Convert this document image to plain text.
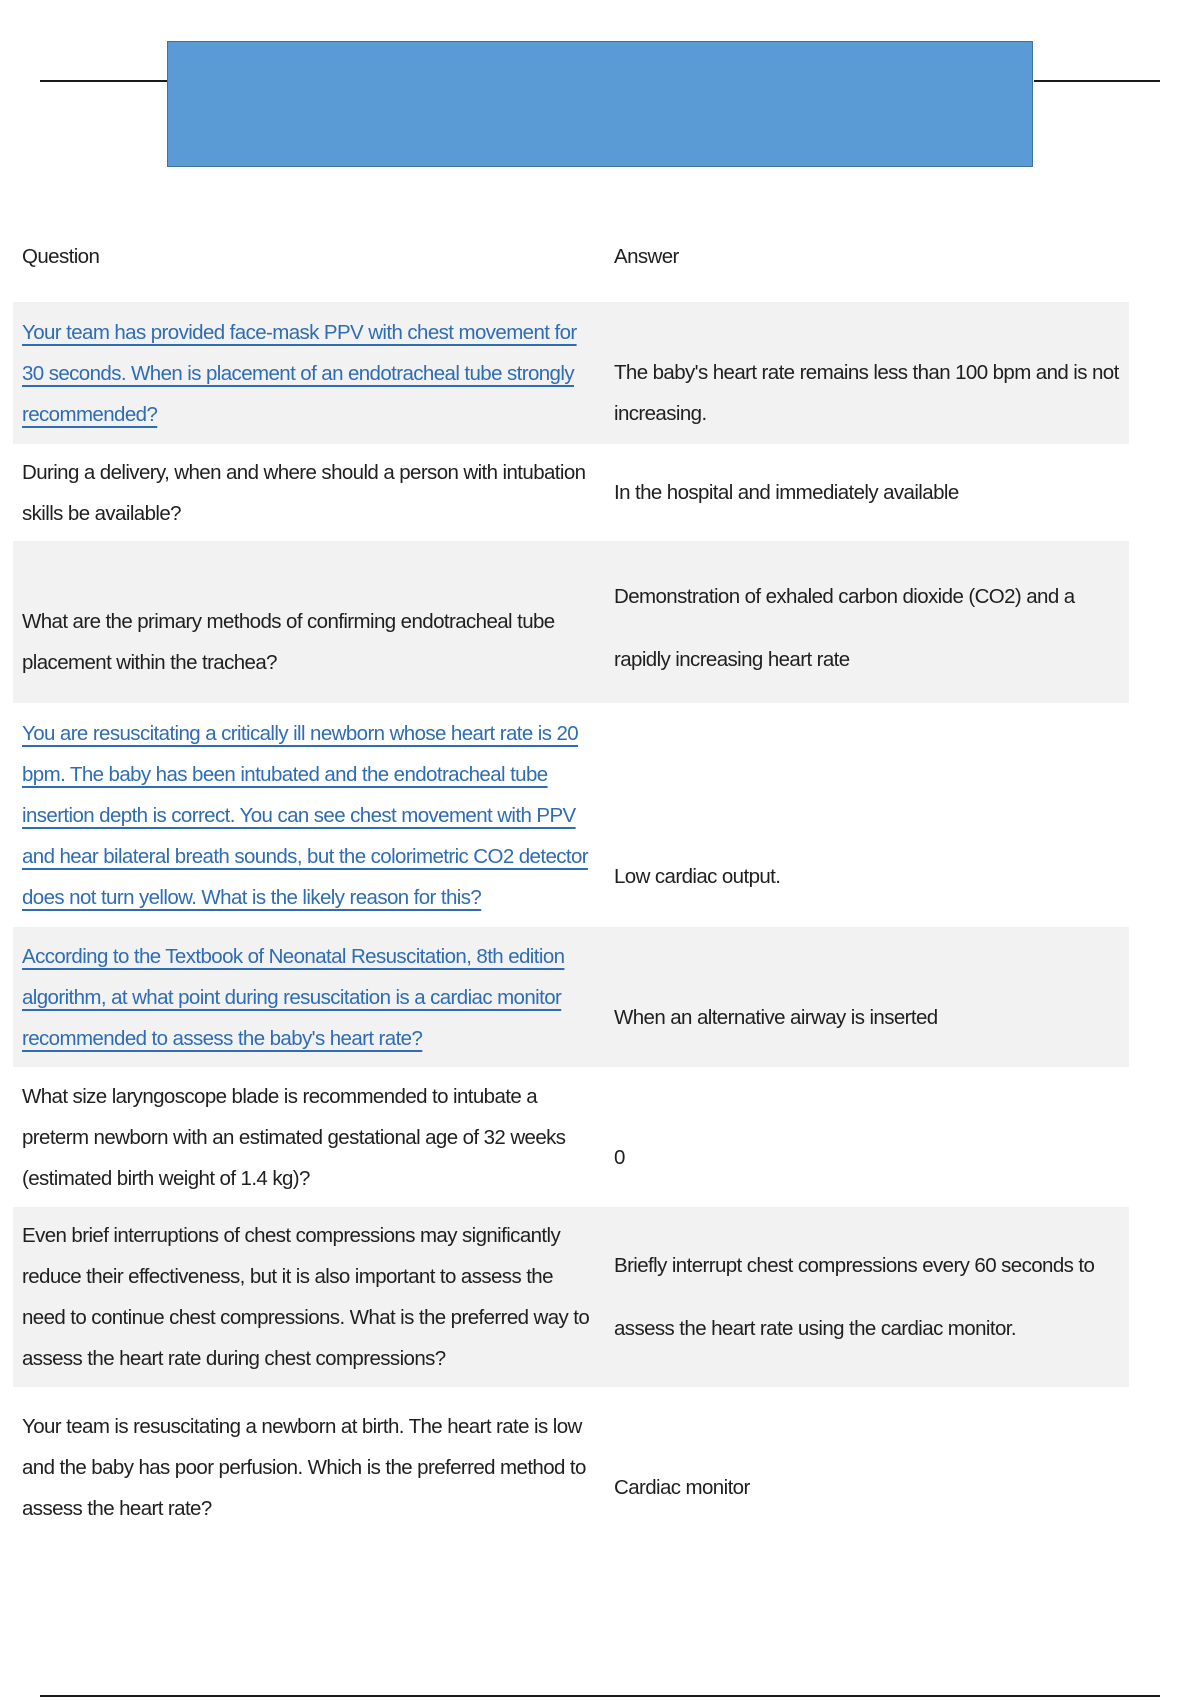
Question	Answer
Your team has provided face-mask PPV with chest movement for 30 seconds. When is placement of an endotracheal tube strongly recommended?
The baby's heart rate remains less than 100 bpm and is not increasing.
During a delivery, when and where should a person with intubation skills be available?
In the hospital and immediately available
What are the primary methods of confirming endotracheal tube placement within the trachea?
Demonstration of exhaled carbon dioxide (CO2) and a rapidly increasing heart rate
You are resuscitating a critically ill newborn whose heart rate is 20 bpm. The baby has been intubated and the endotracheal tube insertion depth is correct. You can see chest movement with PPV and hear bilateral breath sounds, but the colorimetric CO2 detector does not turn yellow. What is the likely reason for this?
Low cardiac output.
According to the Textbook of Neonatal Resuscitation, 8th edition algorithm, at what point during resuscitation is a cardiac monitor recommended to assess the baby's heart rate?
When an alternative airway is inserted
What size laryngoscope blade is recommended to intubate a preterm newborn with an estimated gestational age of 32 weeks (estimated birth weight of 1.4 kg)?
0
Even brief interruptions of chest compressions may significantly reduce their effectiveness, but it is also important to assess the need to continue chest compressions. What is the preferred way to assess the heart rate during chest compressions?
Briefly interrupt chest compressions every 60 seconds to assess the heart rate using the cardiac monitor.
Your team is resuscitating a newborn at birth. The heart rate is low and the baby has poor perfusion. Which is the preferred method to assess the heart rate?
Cardiac monitor
